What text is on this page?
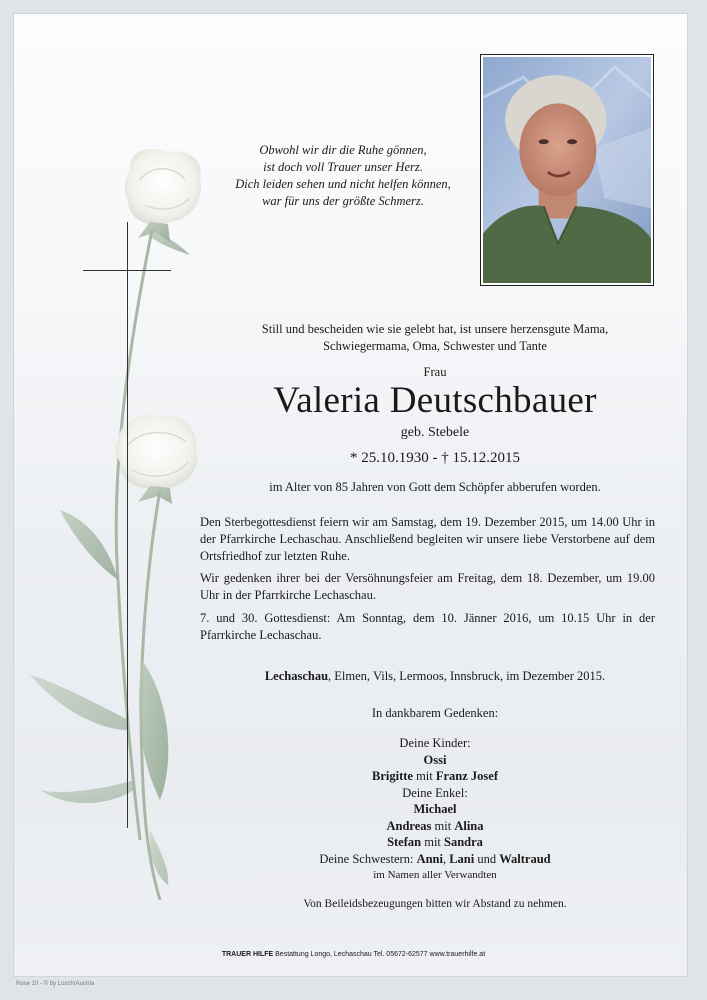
Obwohl wir dir die Ruhe gönnen,
ist doch voll Trauer unser Herz.
Dich leiden sehen und nicht helfen können,
war für uns der größte Schmerz.
Still und bescheiden wie sie gelebt hat, ist unsere herzensgute Mama,
Schwiegermama, Oma, Schwester und Tante
Frau
Valeria Deutschbauer
geb. Stebele
* 25.10.1930 - † 15.12.2015
im Alter von 85 Jahren von Gott dem Schöpfer abberufen worden.
Den Sterbegottesdienst feiern wir am Samstag, dem 19. Dezember 2015, um 14.00 Uhr in der Pfarrkirche Lechaschau. Anschließend begleiten wir unsere liebe Verstorbene auf dem Ortsfriedhof zur letzten Ruhe.
Wir gedenken ihrer bei der Versöhnungsfeier am Freitag, dem 18. Dezember, um 19.00 Uhr in der Pfarrkirche Lechaschau.
7. und 30. Gottesdienst: Am Sonntag, dem 10. Jänner 2016, um 10.15 Uhr in der Pfarrkirche Lechaschau.
Lechaschau, Elmen, Vils, Lermoos, Innsbruck, im Dezember 2015.
In dankbarem Gedenken:
Deine Kinder:
Ossi
Brigitte mit Franz Josef
Deine Enkel:
Michael
Andreas mit Alina
Stefan mit Sandra
Deine Schwestern: Anni, Lani und Waltraud
im Namen aller Verwandten
Von Beileidsbezeugungen bitten wir Abstand zu nehmen.
TRAUER HILFE Bestattung Longo, Lechaschau Tel. 05672-62577 www.trauerhilfe.at
Rose 10 - © by Losch/Austria
